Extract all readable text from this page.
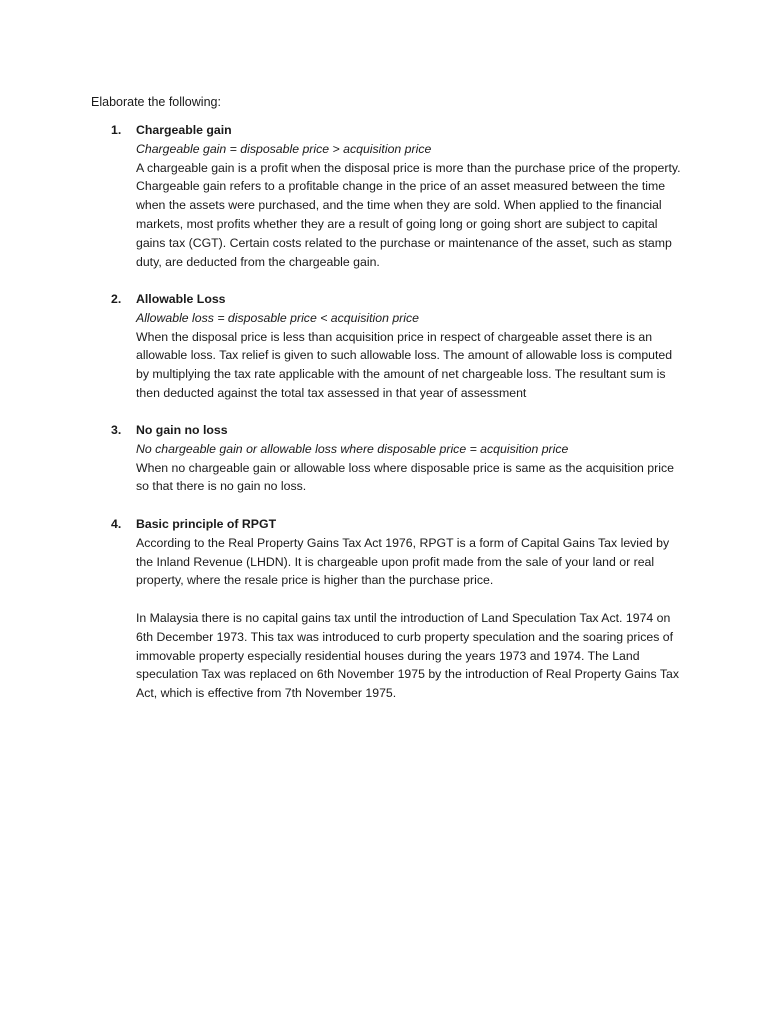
Elaborate the following:
1. Chargeable gain
Chargeable gain = disposable price > acquisition price

A chargeable gain is a profit when the disposal price is more than the purchase price of the property. Chargeable gain refers to a profitable change in the price of an asset measured between the time when the assets were purchased, and the time when they are sold. When applied to the financial markets, most profits whether they are a result of going long or going short are subject to capital gains tax (CGT). Certain costs related to the purchase or maintenance of the asset, such as stamp duty, are deducted from the chargeable gain.

2. Allowable Loss
Allowable loss = disposable price < acquisition price

When the disposal price is less than acquisition price in respect of chargeable asset there is an allowable loss. Tax relief is given to such allowable loss. The amount of allowable loss is computed by multiplying the tax rate applicable with the amount of net chargeable loss. The resultant sum is then deducted against the total tax assessed in that year of assessment

3. No gain no loss
No chargeable gain or allowable loss where disposable price = acquisition price

When no chargeable gain or allowable loss where disposable price is same as the acquisition price so that there is no gain no loss.

4. Basic principle of RPGT

According to the Real Property Gains Tax Act 1976, RPGT is a form of Capital Gains Tax levied by the Inland Revenue (LHDN). It is chargeable upon profit made from the sale of your land or real property, where the resale price is higher than the purchase price.

In Malaysia there is no capital gains tax until the introduction of Land Speculation Tax Act. 1974 on 6th December 1973. This tax was introduced to curb property speculation and the soaring prices of immovable property especially residential houses during the years 1973 and 1974. The Land speculation Tax was replaced on 6th November 1975 by the introduction of Real Property Gains Tax Act, which is effective from 7th November 1975.
